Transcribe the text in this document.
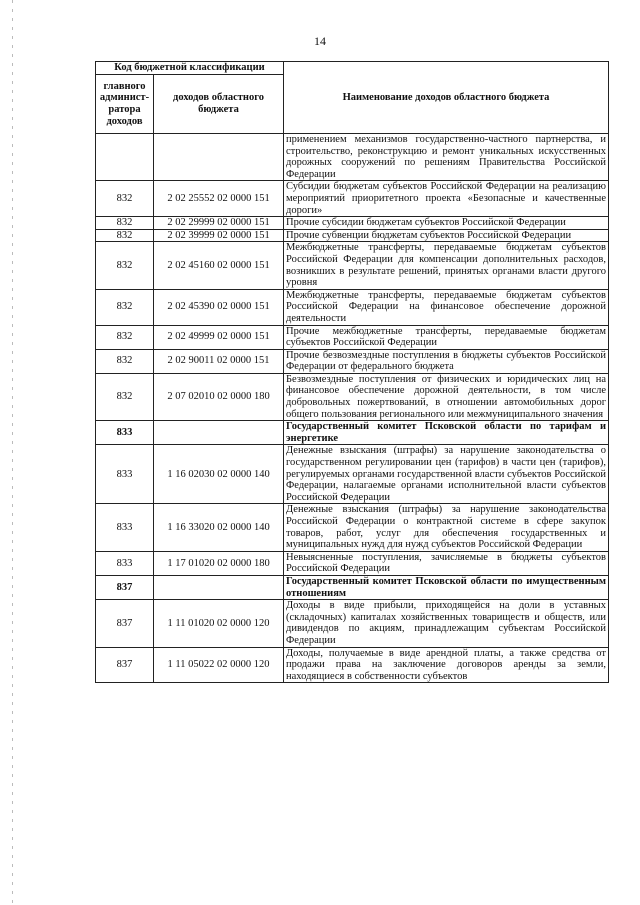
14
Код бюджетной классификации		Наименование доходов областного бюджета
главного админист-ратора доходов	доходов областного бюджета	
		применением механизмов государственно-частного партнерства, и строительство, реконструкцию и ремонт уникальных искусственных дорожных сооружений по решениям Правительства Российской Федерации
832	2 02 25552 02 0000 151	Субсидии бюджетам субъектов Российской Федерации на реализацию мероприятий приоритетного проекта «Безопасные и качественные дороги»
832	2 02 29999 02 0000 151	Прочие субсидии бюджетам субъектов Российской Федерации
832	2 02 39999 02 0000 151	Прочие субвенции бюджетам субъектов Российской Федерации
832	2 02 45160 02 0000 151	Межбюджетные трансферты, передаваемые бюджетам субъектов Российской Федерации для компенсации дополнительных расходов, возникших в результате решений, принятых органами власти другого уровня
832	2 02 45390 02 0000 151	Межбюджетные трансферты, передаваемые бюджетам субъектов Российской Федерации на финансовое обеспечение дорожной деятельности
832	2 02 49999 02 0000 151	Прочие межбюджетные трансферты, передаваемые бюджетам субъектов Российской Федерации
832	2 02 90011 02 0000 151	Прочие безвозмездные поступления в бюджеты субъектов Российской Федерации от федерального бюджета
832	2 07 02010 02 0000 180	Безвозмездные поступления от физических и юридических лиц на финансовое обеспечение дорожной деятельности, в том числе добровольных пожертвований, в отношении автомобильных дорог общего пользования регионального или межмуниципального значения
833		Государственный комитет Псковской области по тарифам и энергетике
833	1 16 02030 02 0000 140	Денежные взыскания (штрафы) за нарушение законодательства о государственном регулировании цен (тарифов) в части цен (тарифов), регулируемых органами государственной власти субъектов Российской Федерации, налагаемые органами исполнительной власти субъектов Российской Федерации
833	1 16 33020 02 0000 140	Денежные взыскания (штрафы) за нарушение законодательства Российской Федерации о контрактной системе в сфере закупок товаров, работ, услуг для обеспечения государственных и муниципальных нужд для нужд субъектов Российской Федерации
833	1 17 01020 02 0000 180	Невыясненные поступления, зачисляемые в бюджеты субъектов Российской Федерации
837		Государственный комитет Псковской области по имущественным отношениям
837	1 11 01020 02 0000 120	Доходы в виде прибыли, приходящейся на доли в уставных (складочных) капиталах хозяйственных товариществ и обществ, или дивидендов по акциям, принадлежащим субъектам Российской Федерации
837	1 11 05022 02 0000 120	Доходы, получаемые в виде арендной платы, а также средства от продажи права на заключение договоров аренды за земли, находящиеся в собственности субъектов
